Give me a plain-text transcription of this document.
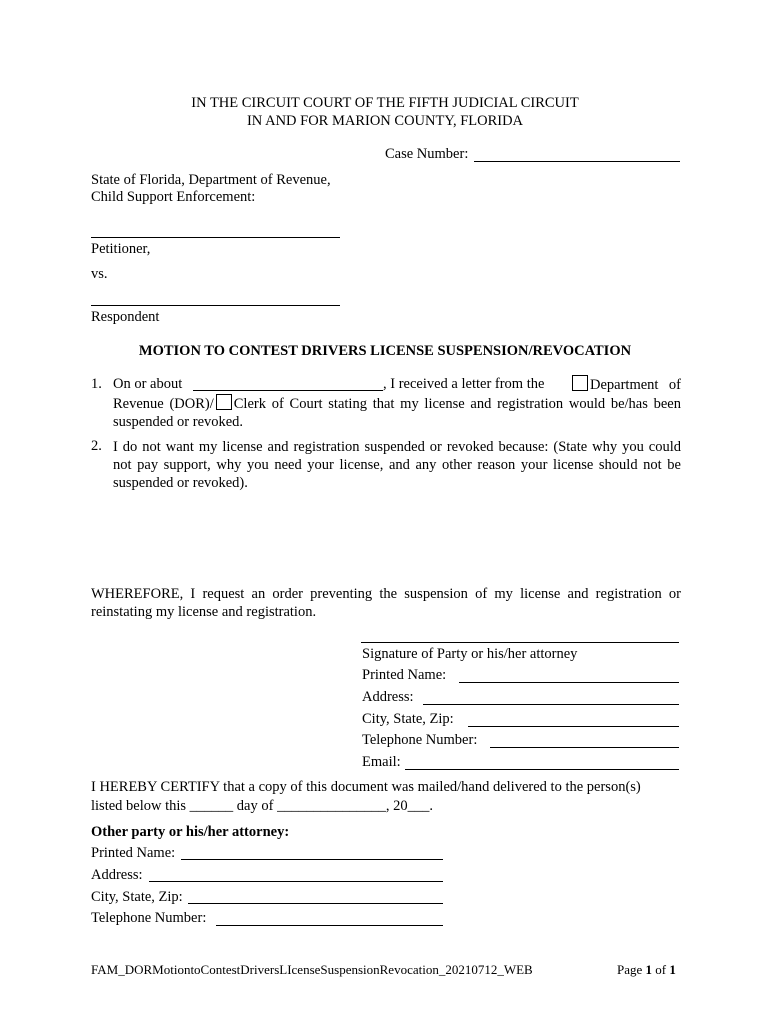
IN THE CIRCUIT COURT OF THE FIFTH JUDICIAL CIRCUIT
IN AND FOR MARION COUNTY, FLORIDA
Case Number:
State of Florida, Department of Revenue,
Child Support Enforcement:
Petitioner,
vs.
Respondent
MOTION TO CONTEST DRIVERS LICENSE SUSPENSION/REVOCATION
1. On or about	, I received a letter from the	Department of Revenue (DOR)/ Clerk of Court stating that my license and registration would be/has been suspended or revoked.
2. I do not want my license and registration suspended or revoked because: (State why you could not pay support, why you need your license, and any other reason your license should not be suspended or revoked).
WHEREFORE, I request an order preventing the suspension of my license and registration or reinstating my license and registration.
Signature of Party or his/her attorney
Printed Name:
Address:
City, State, Zip:
Telephone Number:
Email:
I HEREBY CERTIFY that a copy of this document was mailed/hand delivered to the person(s)
listed below this ______ day of _______________, 20___.
Other party or his/her attorney:
Printed Name:
Address:
City, State, Zip:
Telephone Number:
FAM_DORMotiontoContestDriversLIcenseSuspensionRevocation_20210712_WEB	Page 1 of 1
